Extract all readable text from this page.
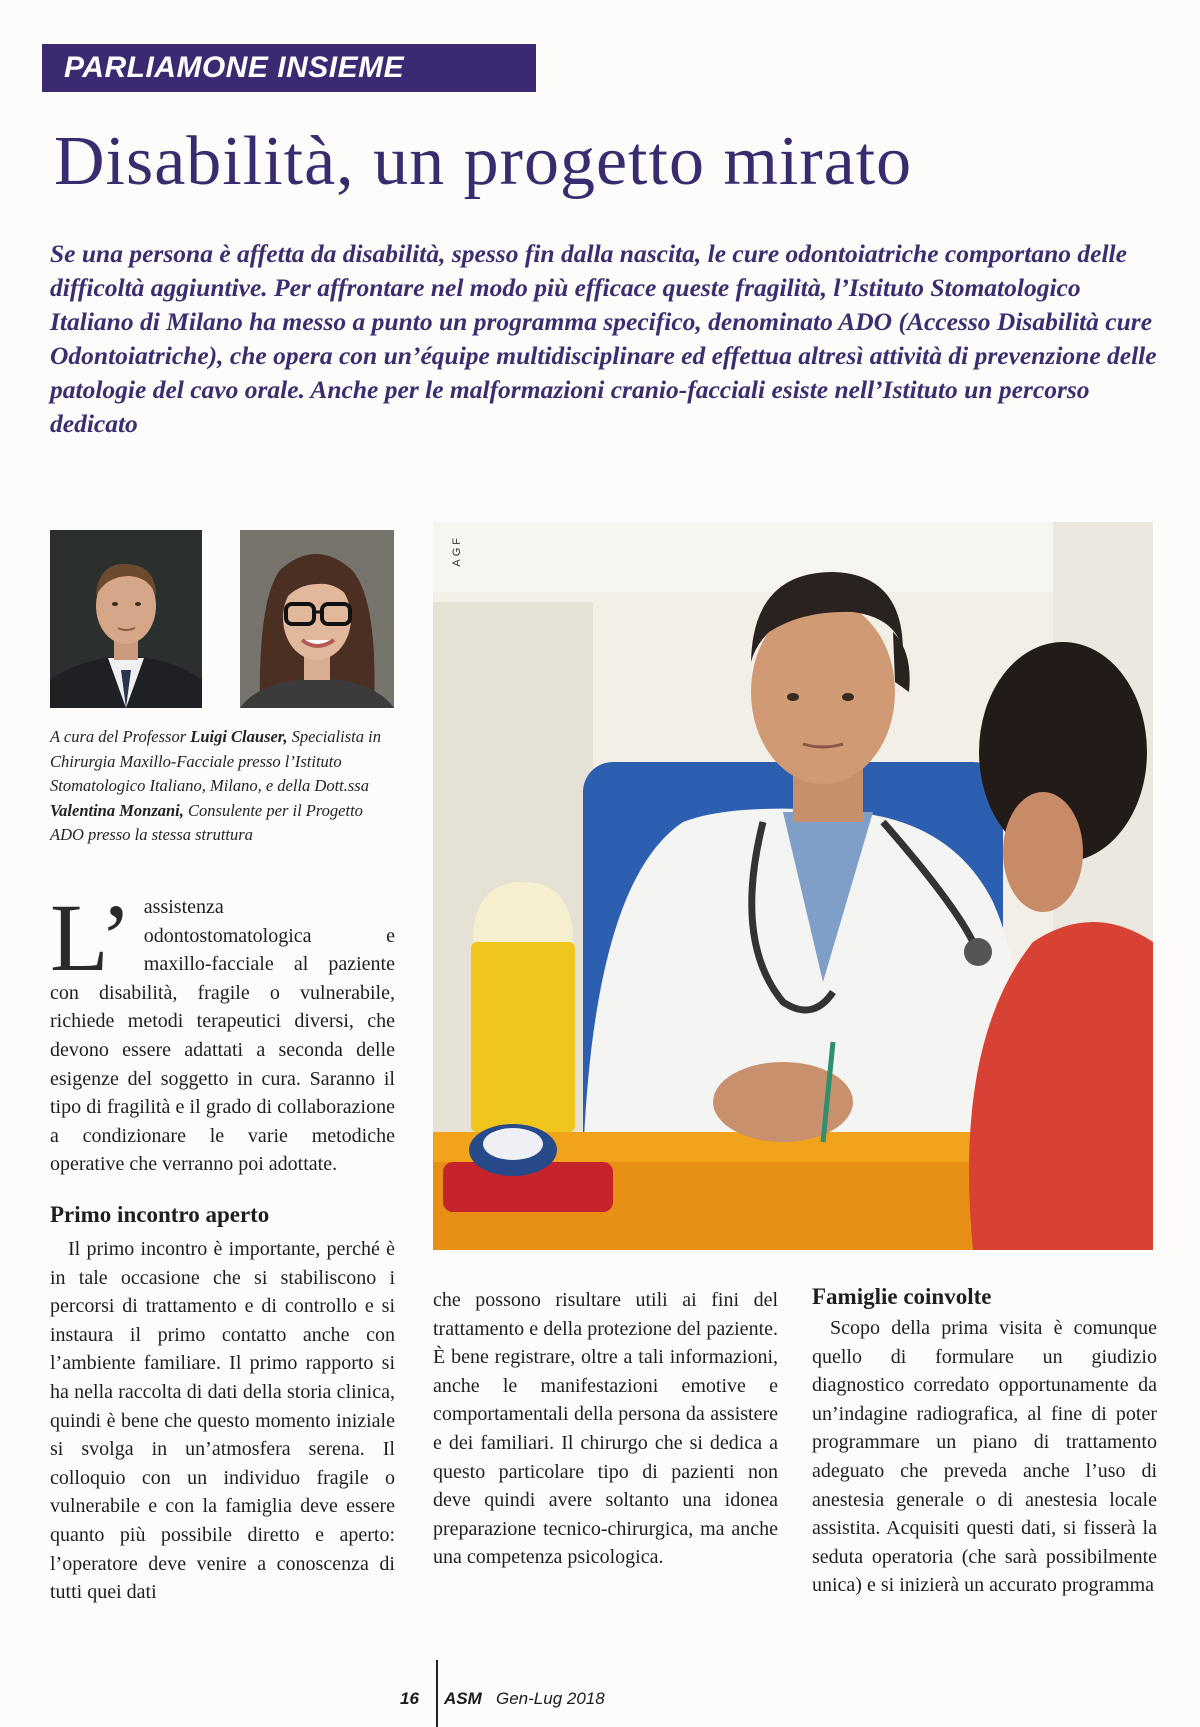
PARLIAMONE INSIEME
Disabilità, un progetto mirato

Se una persona è affetta da disabilità, spesso fin dalla nascita, le cure odontoiatriche comportano delle difficoltà aggiuntive. Per affrontare nel modo più efficace queste fragilità, l’Istituto Stomatologico Italiano di Milano ha messo a punto un programma specifico, denominato ADO (Accesso Disabilità cure Odontoiatriche), che opera con un’équipe multidisciplinare ed effettua altresì attività di prevenzione delle patologie del cavo orale. Anche per le malformazioni cranio-facciali esiste nell’Istituto un percorso dedicato

AGF

A cura del Professor Luigi Clauser, Specialista in Chirurgia Maxillo-Facciale presso l’Istituto Stomatologico Italiano, Milano, e della Dott.ssa Valentina Monzani, Consulente per il Progetto ADO presso la stessa struttura

L’ assistenza odontostomatologica e maxillo-facciale al paziente con disabilità, fragile o vulnerabile, richiede metodi terapeutici diversi, che devono essere adattati a seconda delle esigenze del soggetto in cura. Saranno il tipo di fragilità e il grado di collaborazione a condizionare le varie metodiche operative che verranno poi adottate.

Primo incontro aperto

Il primo incontro è importante, perché è in tale occasione che si stabiliscono i percorsi di trattamento e di controllo e si instaura il primo contatto anche con l’ambiente familiare. Il primo rapporto si ha nella raccolta di dati della storia clinica, quindi è bene che questo momento iniziale si svolga in un’atmosfera serena. Il colloquio con un individuo fragile o vulnerabile e con la famiglia deve essere quanto più possibile diretto e aperto: l’operatore deve venire a conoscenza di tutti quei dati

che possono risultare utili ai fini del trattamento e della protezione del paziente. È bene registrare, oltre a tali informazioni, anche le manifestazioni emotive e comportamentali della persona da assistere e dei familiari. Il chirurgo che si dedica a questo particolare tipo di pazienti non deve quindi avere soltanto una idonea preparazione tecnico-chirurgica, ma anche una competenza psicologica.

Famiglie coinvolte

Scopo della prima visita è comunque quello di formulare un giudizio diagnostico corredato opportunamente da un’indagine radiografica, al fine di poter programmare un piano di trattamento adeguato che preveda anche l’uso di anestesia generale o di anestesia locale assistita. Acquisiti questi dati, si fisserà la seduta operatoria (che sarà possibilmente unica) e si inizierà un accurato programma

16 ASM Gen-Lug 2018
